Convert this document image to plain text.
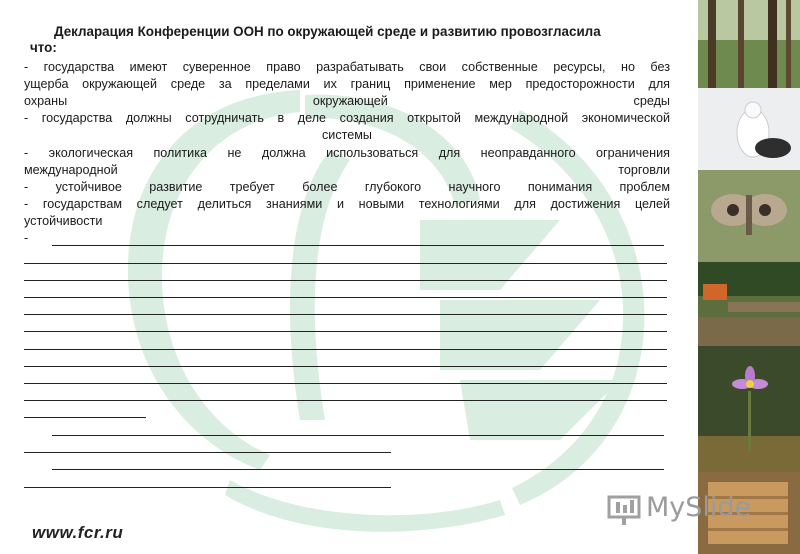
Декларация Конференции ООН по окружающей среде и развитию провозгласила
что:
- государства имеют суверенное право разрабатывать свои собственные ресурсы, но без
ущерба окружающей среде за пределами их границ применение мер предосторожности для
охраны окружающей среды
- государства должны сотрудничать в деле создания открытой международной экономической
системы
- экологическая политика не должна использоваться для неоправданного ограничения
международной торговли
- устойчивое развитие требует более глубокого научного понимания проблем
- государствам следует делиться знаниями и новыми технологиями для достижения целей
устойчивости
-
www.fcr.ru
MySlide
